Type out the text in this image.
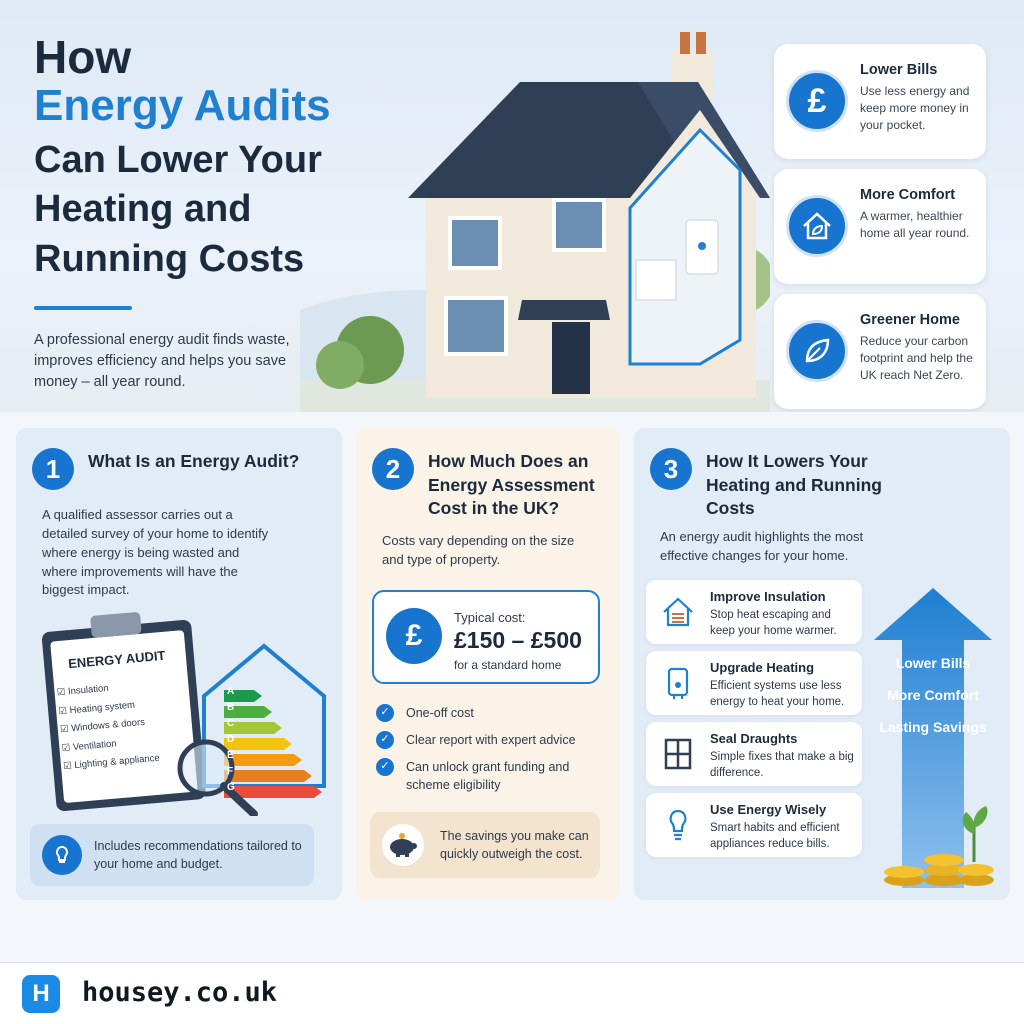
How
Energy Audits
Can Lower Your Heating and Running Costs

A professional energy audit finds waste, improves efficiency and helps you save money – all year round.

£
Lower Bills
Use less energy and keep more money in your pocket.
More Comfort
A warmer, healthier home all year round.
Greener Home
Reduce your carbon footprint and help the UK reach Net Zero.
1	What Is an Energy Audit?

A qualified assessor carries out a detailed survey of your home to identify where energy is being wasted and where improvements will have the biggest impact.

ENERGY AUDIT
☑ Insulation
☑ Heating system
☑ Windows & doors
☑ Ventilation
☑ Lighting & appliance
A
B
C
D
E
F
G
Includes recommendations tailored to your home and budget.
2	How Much Does an Energy Assessment Cost in the UK?

Costs vary depending on the size and type of property.

£
Typical cost:
£150 – £500
for a standard home
✓	One-off cost
✓	Clear report with expert advice
✓	Can unlock grant funding and scheme eligibility
The savings you make can quickly outweigh the cost.
3	How It Lowers Your Heating and Running Costs

An energy audit highlights the most effective changes for your home.

Improve Insulation
Stop heat escaping and keep your home warmer.
Upgrade Heating
Efficient systems use less energy to heat your home.
Seal Draughts
Simple fixes that make a big difference.
Use Energy Wisely
Smart habits and efficient appliances reduce bills.
Lower Bills
More Comfort
Lasting Savings
H	housey.co.uk
